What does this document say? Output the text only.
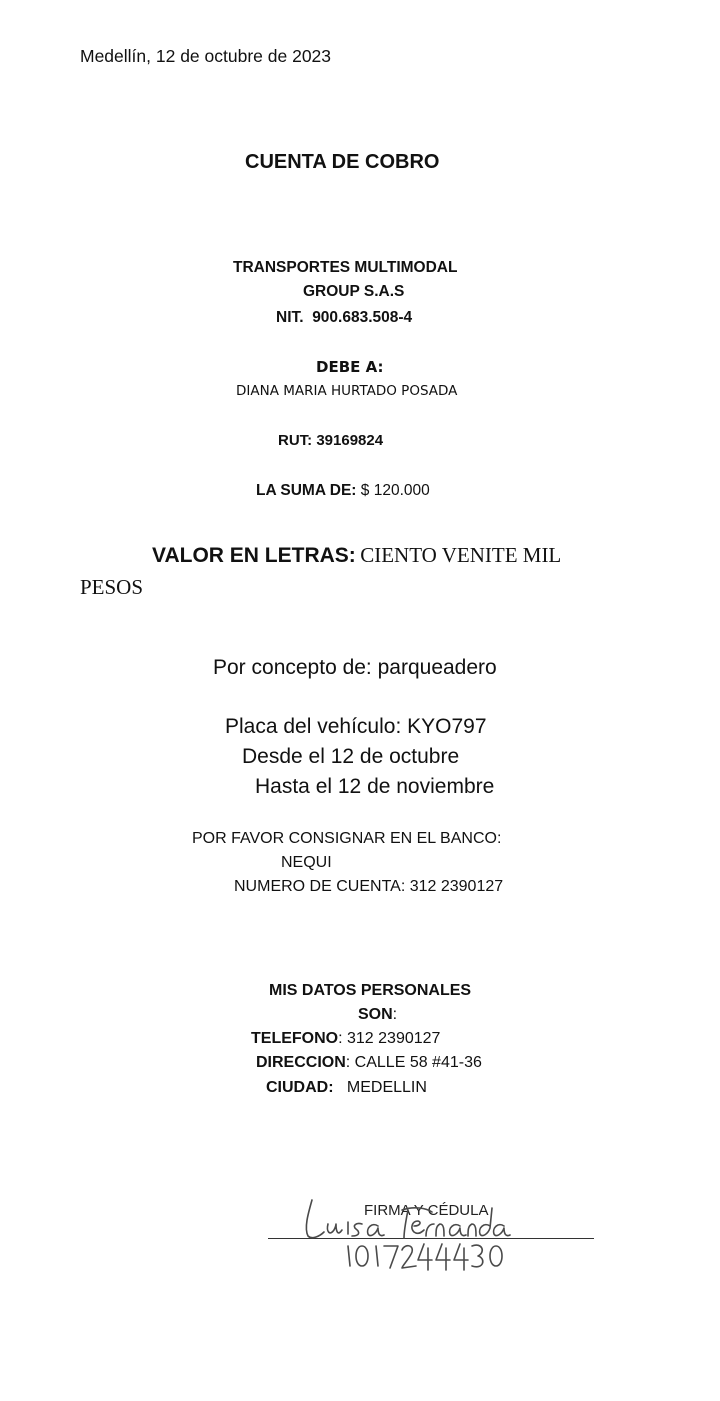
Medellín, 12 de octubre de 2023
CUENTA DE COBRO
TRANSPORTES MULTIMODAL
GROUP S.A.S
NIT. 900.683.508-4
DEBE A:
DIANA MARIA HURTADO POSADA
RUT: 39169824
LA SUMA DE: $ 120.000
VALOR EN LETRAS: CIENTO VENITE MIL
PESOS
Por concepto de: parqueadero
Placa del vehículo: KYO797
Desde el 12 de octubre
Hasta el 12 de noviembre
POR FAVOR CONSIGNAR EN EL BANCO:
NEQUI
NUMERO DE CUENTA: 312 2390127
MIS DATOS PERSONALES
SON:
TELEFONO: 312 2390127
DIRECCION: CALLE 58 #41-36
CIUDAD: MEDELLIN
FIRMA Y CÉDULA
